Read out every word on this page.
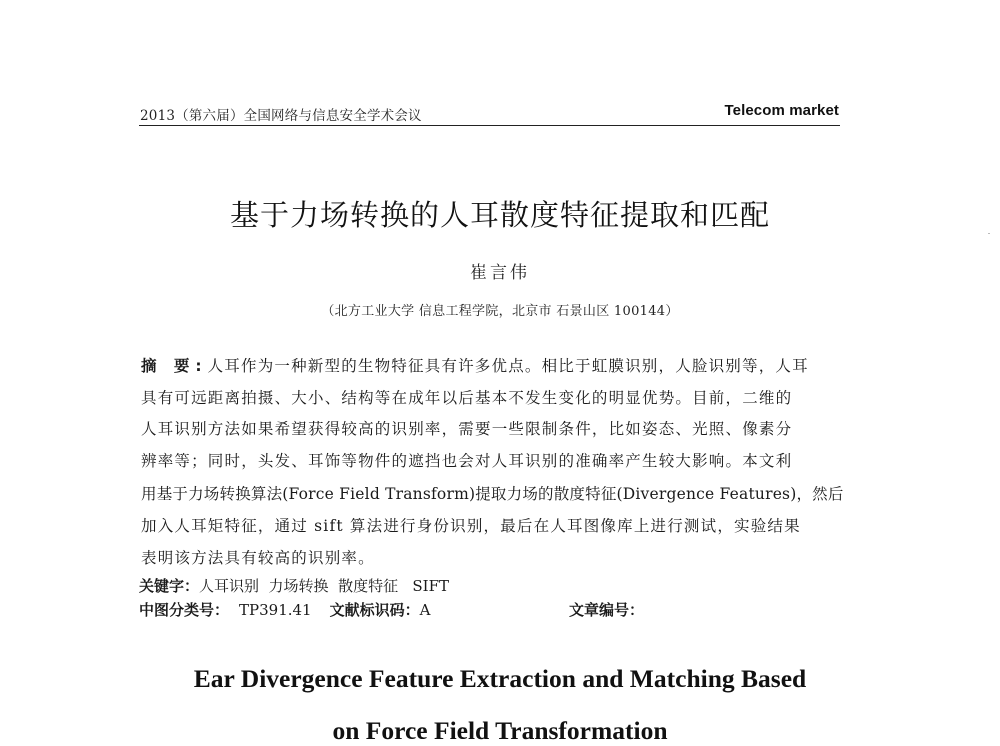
2013（第六届）全国网络与信息安全学术会议	Telecom market
基于力场转换的人耳散度特征提取和匹配
崔言伟
（北方工业大学 信息工程学院，北京市 石景山区 100144）
摘 要:人耳作为一种新型的生物特征具有许多优点。相比于虹膜识别，人脸识别等，人耳
具有可远距离拍摄、大小、结构等在成年以后基本不发生变化的明显优势。目前，二维的
人耳识别方法如果希望获得较高的识别率，需要一些限制条件，比如姿态、光照、像素分
辨率等；同时，头发、耳饰等物件的遮挡也会对人耳识别的准确率产生较大影响。本文利
用基于力场转换算法(Force Field Transform)提取力场的散度特征(Divergence Features)，然后
加入人耳矩特征，通过 sift 算法进行身份识别，最后在人耳图像库上进行测试，实验结果
表明该方法具有较高的识别率。
关键字：人耳识别  力场转换  散度特征   SIFT
中图分类号： TP391.41 文献标识码：A	文章编号：
Ear Divergence Feature Extraction and Matching Based
on Force Field Transformation
